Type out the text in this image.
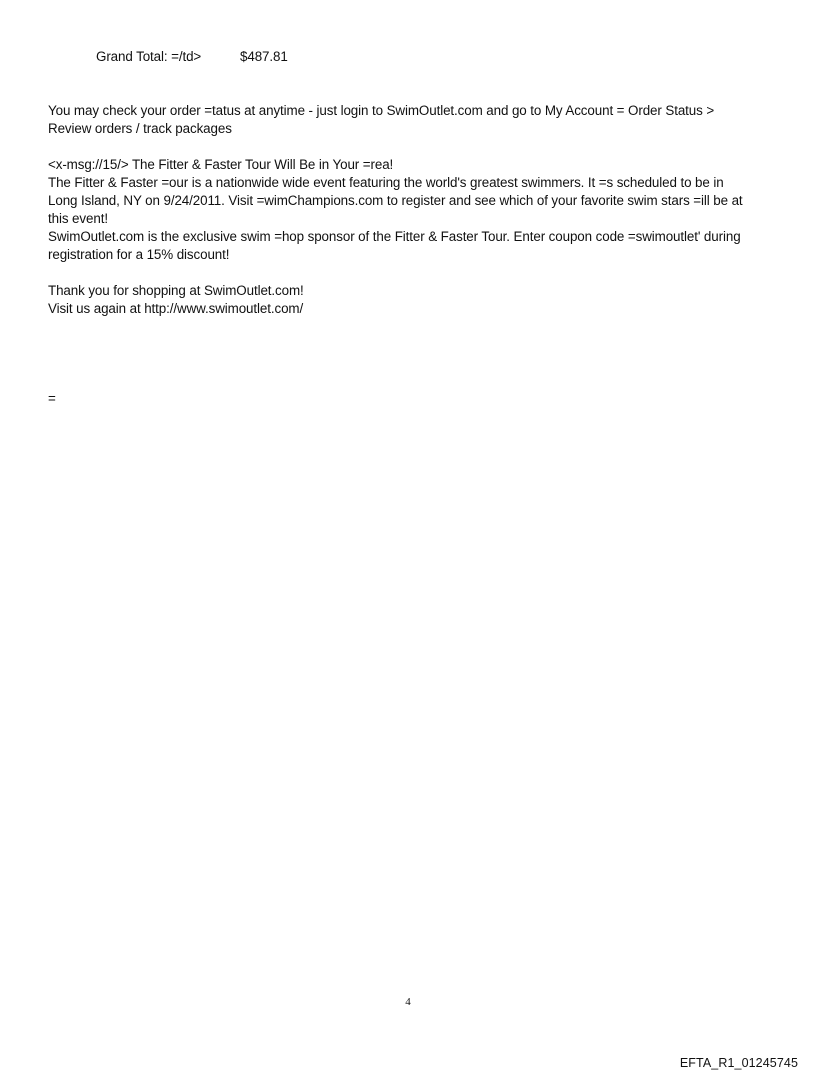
Grand Total: =/td>	$487.81
You may check your order =tatus at anytime - just login to SwimOutlet.com and go to My Account = Order Status >
Review orders / track packages
<x-msg://15/> The Fitter & Faster Tour Will Be in Your =rea!
The Fitter & Faster =our is a nationwide wide event featuring the world's greatest swimmers. It =s scheduled to be in
Long Island, NY on 9/24/2011. Visit =wimChampions.com to register and see which of your favorite swim stars =ill be at
this event!
SwimOutlet.com is the exclusive swim =hop sponsor of the Fitter & Faster Tour. Enter coupon code =swimoutlet' during
registration for a 15% discount!
Thank you for shopping at SwimOutlet.com!
Visit us again at http://www.swimoutlet.com/
=
4
EFTA_R1_01245745
